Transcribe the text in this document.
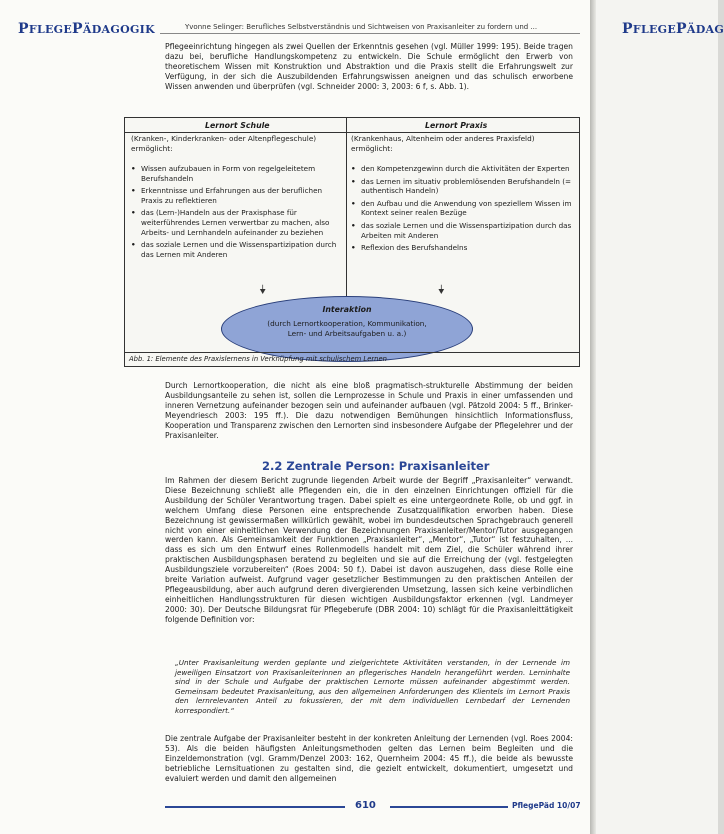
PFLEGEPÄDAGOGIK	Yvonne Selinger: Berufliches Selbstverständnis und Sichtweisen von Praxisanleiter zu fordern und ...

Pflegeeinrichtung hingegen als zwei Quellen der Erkenntnis gesehen (vgl. Müller 1999: 195). Beide tragen dazu bei, berufliche Handlungskompetenz zu entwickeln. Die Schule ermöglicht den Erwerb von theoretischem Wissen mit Konstruktion und Abstraktion und die Praxis stellt die Erfahrungswelt zur Verfügung, in der sich die Auszubildenden Erfahrungswissen aneignen und das schulisch erworbene Wissen anwenden und überprüfen (vgl. Schneider 2000: 3, 2003: 6 f, s. Abb. 1).

Lernort Schule
(Kranken-, Kinderkranken- oder Altenpflegeschule) ermöglicht:
• Wissen aufzubauen in Form von regelgeleitetem Berufshandeln
• Erkenntnisse und Erfahrungen aus der beruflichen Praxis zu reflektieren
• das (Lern-)Handeln aus der Praxisphase für weiterführendes Lernen verwertbar zu machen, also Arbeits- und Lernhandeln aufeinander zu beziehen
• das soziale Lernen und die Wissenspartizipation durch das Lernen mit Anderen
Lernort Praxis
(Krankenhaus, Altenheim oder anderes Praxisfeld) ermöglicht:
• den Kompetenzgewinn durch die Aktivitäten der Experten
• das Lernen im situativ problemlösenden Berufshandeln (= authentisch Handeln)
• den Aufbau und die Anwendung von speziellem Wissen im Kontext seiner realen Bezüge
• das soziale Lernen und die Wissenspartizipation durch das Arbeiten mit Anderen
• Reflexion des Berufshandelns
Interaktion
(durch Lernortkooperation, Kommunikation, Lern- und Arbeitsaufgaben u. a.)
Abb. 1: Elemente des Praxislernens in Verknüpfung mit schulischem Lernen

Durch Lernortkooperation, die nicht als eine bloß pragmatisch-strukturelle Abstimmung der beiden Ausbildungsanteile zu sehen ist, sollen die Lernprozesse in Schule und Praxis in einer umfassenden und inneren Vernetzung aufeinander bezogen sein und aufeinander aufbauen (vgl. Pätzold 2004: 5 ff., Brinker-Meyendriesch 2003: 195 ff.). Die dazu notwendigen Bemühungen hinsichtlich Informationsfluss, Kooperation und Transparenz zwischen den Lernorten sind insbesondere Aufgabe der Pflegelehrer und der Praxisanleiter.

2.2 Zentrale Person: Praxisanleiter

Im Rahmen der diesem Bericht zugrunde liegenden Arbeit wurde der Begriff „Praxisanleiter“ verwandt. Diese Bezeichnung schließt alle Pflegenden ein, die in den einzelnen Einrichtungen offiziell für die Ausbildung der Schüler Verantwortung tragen. Dabei spielt es eine untergeordnete Rolle, ob und ggf. in welchem Umfang diese Personen eine entsprechende Zusatzqualifikation erworben haben. Diese Bezeichnung ist gewissermaßen willkürlich gewählt, wobei im bundesdeutschen Sprachgebrauch generell nicht von einer einheitlichen Verwendung der Bezeichnungen Praxisanleiter/Mentor/Tutor ausgegangen werden kann. Als Gemeinsamkeit der Funktionen „Praxisanleiter“, „Mentor“, „Tutor“ ist festzuhalten, ... dass es sich um den Entwurf eines Rollenmodells handelt mit dem Ziel, die Schüler während ihrer praktischen Ausbildungsphasen beratend zu begleiten und sie auf die Erreichung der (vgl. festgelegten Ausbildungsziele vorzubereiten“ (Roes 2004: 50 f.). Dabei ist davon auszugehen, dass diese Rolle eine breite Variation aufweist. Aufgrund vager gesetzlicher Bestimmungen zu den praktischen Anteilen der Pflegeausbildung, aber auch aufgrund deren divergierenden Umsetzung, lassen sich keine verbindlichen einheitlichen Handlungsstrukturen für diesen wichtigen Ausbildungsfaktor erkennen (vgl. Landmeyer 2000: 30). Der Deutsche Bildungsrat für Pflegeberufe (DBR 2004: 10) schlägt für die Praxisanleittätigkeit folgende Definition vor:

„Unter Praxisanleitung werden geplante und zielgerichtete Aktivitäten verstanden, in der Lernende im jeweiligen Einsatzort von Praxisanleiterinnen an pflegerisches Handeln herangeführt werden. Lerninhalte sind in der Schule und Aufgabe der praktischen Lernorte müssen aufeinander abgestimmt werden. Gemeinsam bedeutet Praxisanleitung, aus den allgemeinen Anforderungen des Klientels im Lernort Praxis den lernrelevanten Anteil zu fokussieren, der mit dem individuellen Lernbedarf der Lernenden korrespondiert.“

Die zentrale Aufgabe der Praxisanleiter besteht in der konkreten Anleitung der Lernenden (vgl. Roes 2004: 53). Als die beiden häufigsten Anleitungsmethoden gelten das Lernen beim Begleiten und die Einzeldemonstration (vgl. Gramm/Denzel 2003: 162, Quernheim 2004: 45 ff.), die beide als bewusste betriebliche Lernsituationen zu gestalten sind, die gezielt entwickelt, dokumentiert, umgesetzt und evaluiert werden und damit den allgemeinen

610	PflegePäd 10/07
PFLEGEPÄDAG
